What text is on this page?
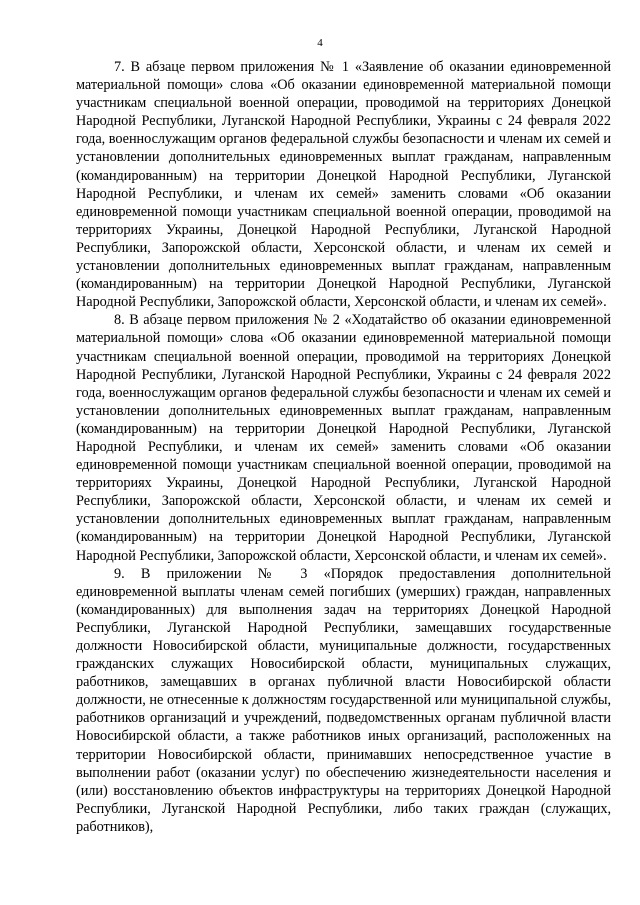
4

7. В абзаце первом приложения № 1 «Заявление об оказании единовременной материальной помощи» слова «Об оказании единовременной материальной помощи участникам специальной военной операции, проводимой на территориях Донецкой Народной Республики, Луганской Народной Республики, Украины с 24 февраля 2022 года, военнослужащим органов федеральной службы безопасности и членам их семей и установлении дополнительных единовременных выплат гражданам, направленным (командированным) на территории Донецкой Народной Республики, Луганской Народной Республики, и членам их семей» заменить словами «Об оказании единовременной помощи участникам специальной военной операции, проводимой на территориях Украины, Донецкой Народной Республики, Луганской Народной Республики, Запорожской области, Херсонской области, и членам их семей и установлении дополнительных единовременных выплат гражданам, направленным (командированным) на территории Донецкой Народной Республики, Луганской Народной Республики, Запорожской области, Херсонской области, и членам их семей».

8. В абзаце первом приложения № 2 «Ходатайство об оказании единовременной материальной помощи» слова «Об оказании единовременной материальной помощи участникам специальной военной операции, проводимой на территориях Донецкой Народной Республики, Луганской Народной Республики, Украины с 24 февраля 2022 года, военнослужащим органов федеральной службы безопасности и членам их семей и установлении дополнительных единовременных выплат гражданам, направленным (командированным) на территории Донецкой Народной Республики, Луганской Народной Республики, и членам их семей» заменить словами «Об оказании единовременной помощи участникам специальной военной операции, проводимой на территориях Украины, Донецкой Народной Республики, Луганской Народной Республики, Запорожской области, Херсонской области, и членам их семей и установлении дополнительных единовременных выплат гражданам, направленным (командированным) на территории Донецкой Народной Республики, Луганской Народной Республики, Запорожской области, Херсонской области, и членам их семей».

9. В приложении № 3 «Порядок предоставления дополнительной единовременной выплаты членам семей погибших (умерших) граждан, направленных (командированных) для выполнения задач на территориях Донецкой Народной Республики, Луганской Народной Республики, замещавших государственные должности Новосибирской области, муниципальные должности, государственных гражданских служащих Новосибирской области, муниципальных служащих, работников, замещавших в органах публичной власти Новосибирской области должности, не отнесенные к должностям государственной или муниципальной службы, работников организаций и учреждений, подведомственных органам публичной власти Новосибирской области, а также работников иных организаций, расположенных на территории Новосибирской области, принимавших непосредственное участие в выполнении работ (оказании услуг) по обеспечению жизнедеятельности населения и (или) восстановлению объектов инфраструктуры на территориях Донецкой Народной Республики, Луганской Народной Республики, либо таких граждан (служащих, работников),
